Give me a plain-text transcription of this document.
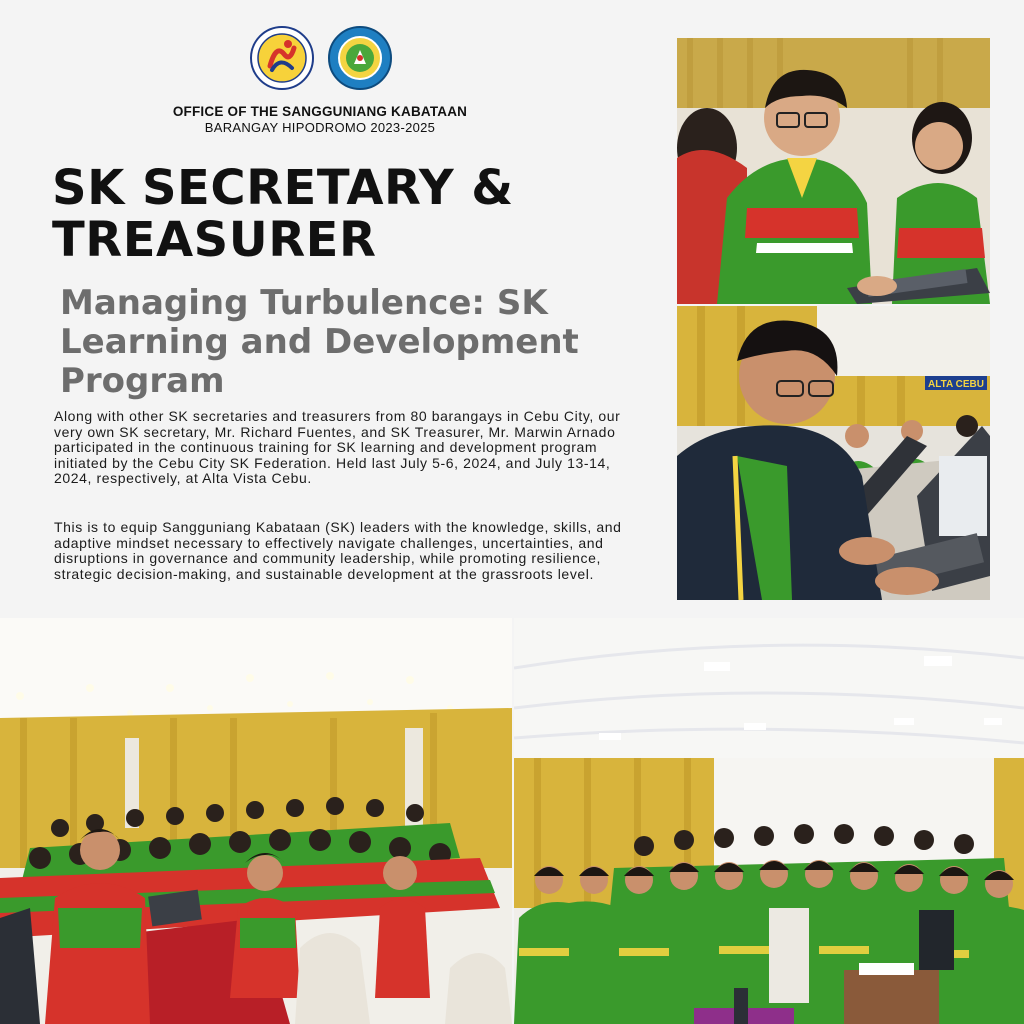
OFFICE OF THE SANGGUNIANG KABATAAN
BARANGAY HIPODROMO 2023-2025
SK SECRETARY & TREASURER
Managing Turbulence: SK Learning and Development Program

Along with other SK secretaries and treasurers from 80 barangays in Cebu City, our very own SK secretary, Mr. Richard Fuentes, and SK Treasurer, Mr. Marwin Arnado participated in the continuous training for SK learning and development program initiated by the Cebu City SK Federation. Held last July 5-6, 2024, and July 13-14, 2024, respectively, at Alta Vista Cebu.

This is to equip Sangguniang Kabataan (SK) leaders with the knowledge, skills, and adaptive mindset necessary to effectively navigate challenges, uncertainties, and disruptions in governance and community leadership, while promoting resilience, strategic decision-making, and sustainable development at the grassroots level.

ALTA CEBU
